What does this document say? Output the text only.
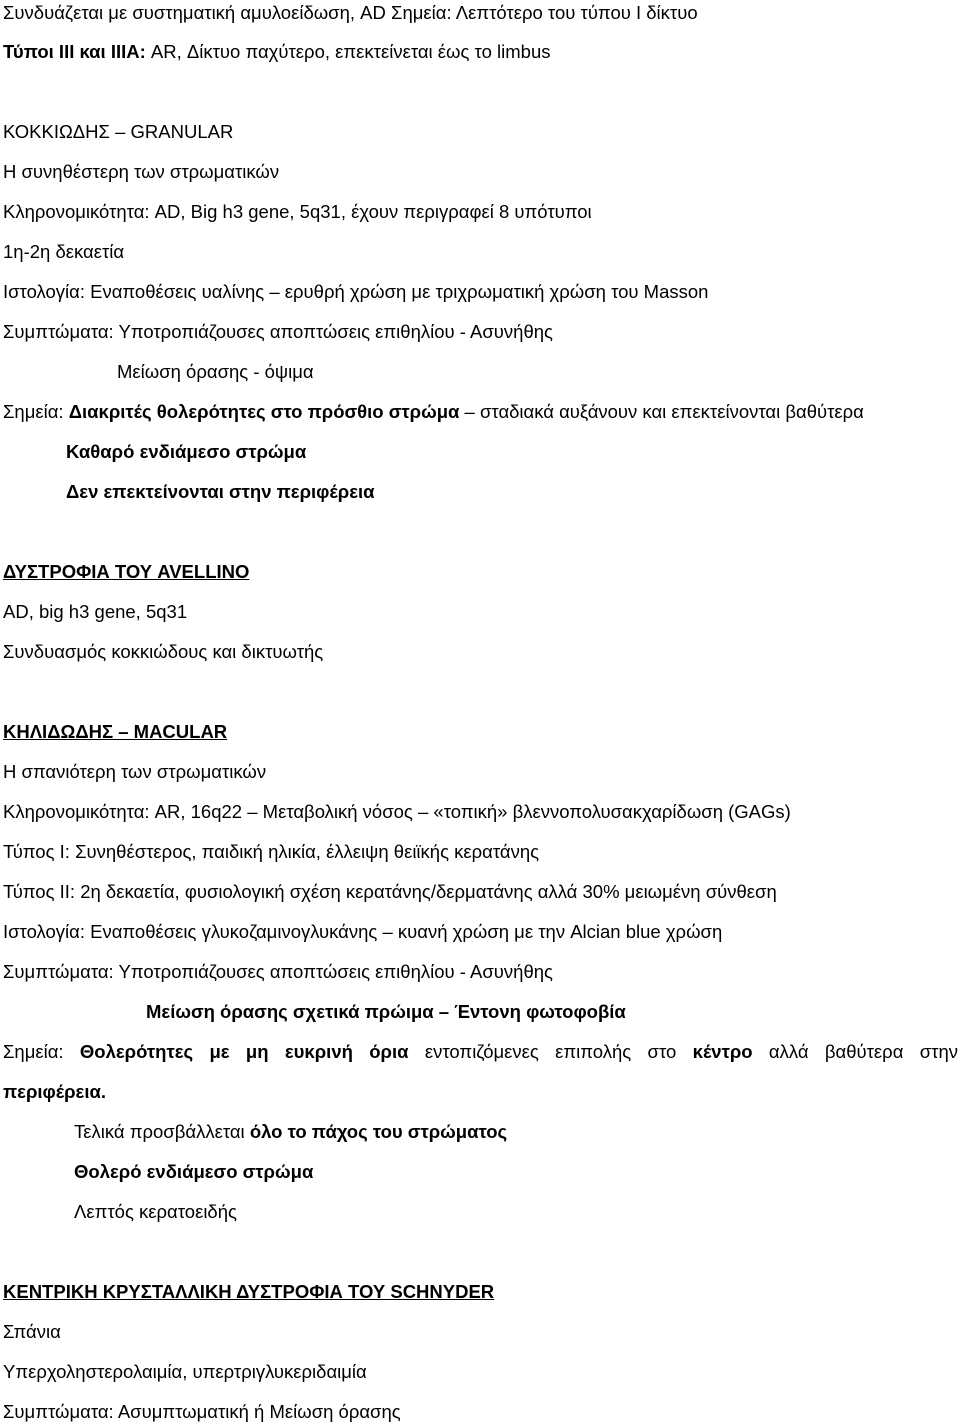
Συνδυάζεται με συστηματική αμυλοείδωση, AD Σημεία: Λεπτότερο του τύπου Ι δίκτυο
Τύποι ΙΙΙ και ΙΙΙΑ: AR, Δίκτυο παχύτερο, επεκτείνεται έως το limbus
ΚΟΚΚΙΩΔΗΣ – GRANULAR
Η συνηθέστερη των στρωματικών
Κληρονομικότητα: AD, Big h3 gene, 5q31, έχουν περιγραφεί 8 υπότυποι
1η-2η δεκαετία
Ιστολογία: Εναποθέσεις υαλίνης – ερυθρή χρώση με τριχρωματική χρώση του Masson
Συμπτώματα: Υποτροπιάζουσες αποπτώσεις επιθηλίου - Ασυνήθης
Μείωση όρασης - όψιμα
Σημεία: Διακριτές θολερότητες στο πρόσθιο στρώμα – σταδιακά αυξάνουν και επεκτείνονται βαθύτερα
Καθαρό ενδιάμεσο στρώμα
Δεν επεκτείνονται στην περιφέρεια
ΔΥΣΤΡΟΦΙΑ ΤΟΥ AVELLINO
AD, big h3 gene, 5q31
Συνδυασμός κοκκιώδους και δικτυωτής
ΚΗΛΙΔΩΔΗΣ – MACULAR
Η σπανιότερη των στρωματικών
Κληρονομικότητα: AR, 16q22 – Μεταβολική νόσος – «τοπική» βλεννοπολυσακχαρίδωση (GAGs)
Τύπος Ι: Συνηθέστερος, παιδική ηλικία, έλλειψη θειϊκής κερατάνης
Τύπος ΙΙ: 2η δεκαετία, φυσιολογική σχέση κερατάνης/δερματάνης αλλά 30% μειωμένη σύνθεση
Ιστολογία: Εναποθέσεις γλυκοζαμινογλυκάνης – κυανή χρώση με την Alcian blue χρώση
Συμπτώματα: Υποτροπιάζουσες αποπτώσεις επιθηλίου - Ασυνήθης
Μείωση όρασης σχετικά πρώιμα – Έντονη φωτοφοβία
Σημεία: Θολερότητες με μη ευκρινή όρια εντοπιζόμενες επιπολής στο κέντρο αλλά βαθύτερα στην
περιφέρεια.
Τελικά προσβάλλεται όλο το πάχος του στρώματος
Θολερό ενδιάμεσο στρώμα
Λεπτός κερατοειδής
ΚΕΝΤΡΙΚΗ ΚΡΥΣΤΑΛΛΙΚΗ ΔΥΣΤΡΟΦΙΑ ΤΟΥ SCHNYDER
Σπάνια
Υπερχοληστερολαιμία, υπερτριγλυκεριδαιμία
Συμπτώματα: Ασυμπτωματική ή Μείωση όρασης
